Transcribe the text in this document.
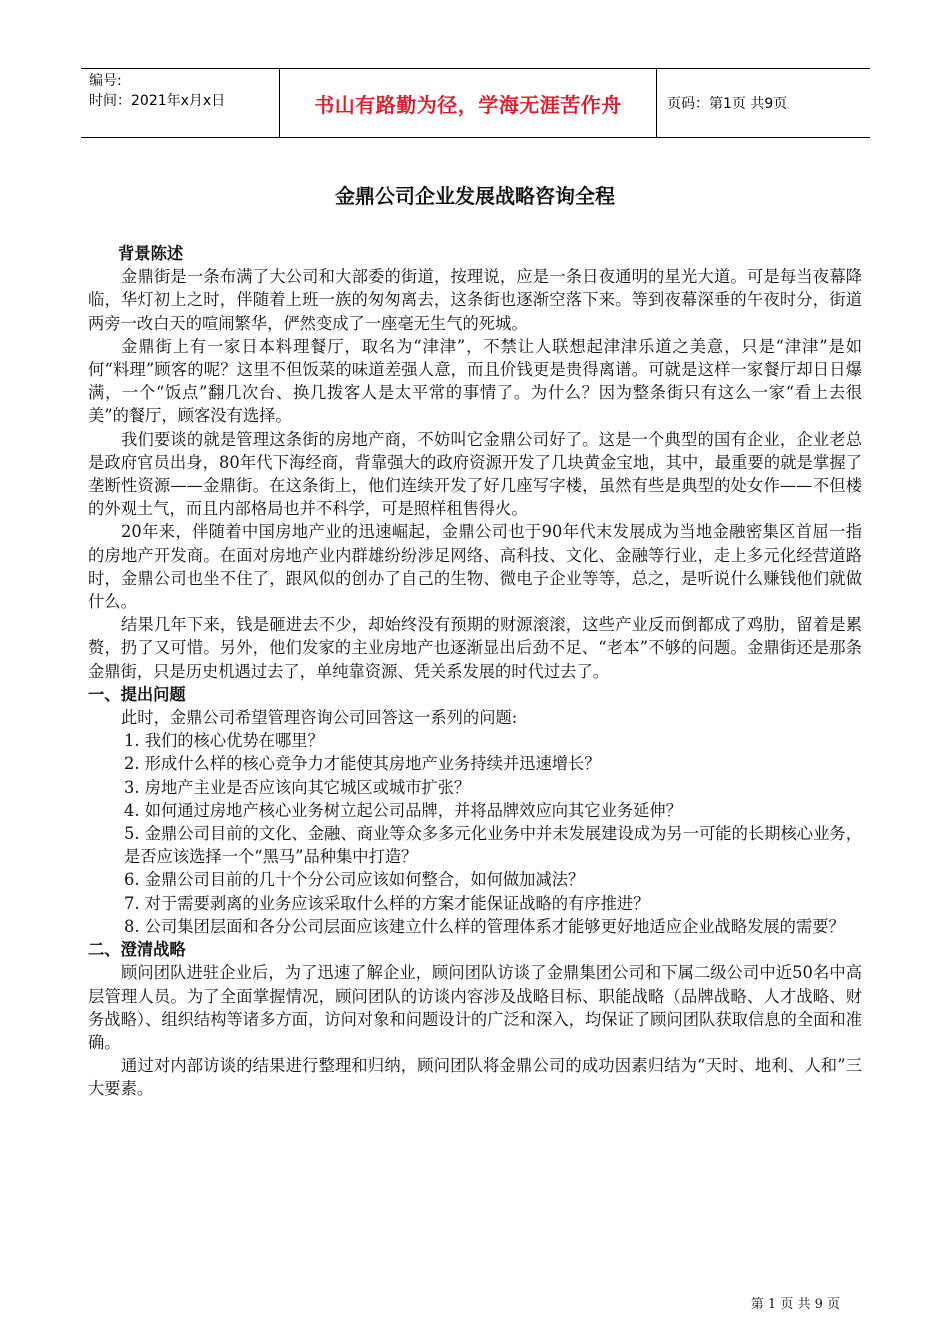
编号:
时间：2021年x月x日	书山有路勤为径，学海无涯苦作舟	页码：第1页 共9页
金鼎公司企业发展战略咨询全程

背景陈述

金鼎街是一条布满了大公司和大部委的街道，按理说，应是一条日夜通明的星光大道。可是每当夜幕降临，华灯初上之时，伴随着上班一族的匆匆离去，这条街也逐渐空落下来。等到夜幕深垂的午夜时分，街道两旁一改白天的喧闹繁华，俨然变成了一座毫无生气的死城。

金鼎街上有一家日本料理餐厅，取名为“津津”，不禁让人联想起津津乐道之美意，只是“津津”是如何“料理”顾客的呢？这里不但饭菜的味道差强人意，而且价钱更是贵得离谱。可就是这样一家餐厅却日日爆满，一个“饭点”翻几次台、换几拨客人是太平常的事情了。为什么？因为整条街只有这么一家“看上去很美”的餐厅，顾客没有选择。

我们要谈的就是管理这条街的房地产商，不妨叫它金鼎公司好了。这是一个典型的国有企业，企业老总是政府官员出身，80年代下海经商，背靠强大的政府资源开发了几块黄金宝地，其中，最重要的就是掌握了垄断性资源——金鼎街。在这条街上，他们连续开发了好几座写字楼，虽然有些是典型的处女作——不但楼的外观土气，而且内部格局也并不科学，可是照样租售得火。

20年来，伴随着中国房地产业的迅速崛起，金鼎公司也于90年代末发展成为当地金融密集区首屈一指的房地产开发商。在面对房地产业内群雄纷纷涉足网络、高科技、文化、金融等行业，走上多元化经营道路时，金鼎公司也坐不住了，跟风似的创办了自己的生物、微电子企业等等，总之，是听说什么赚钱他们就做什么。

结果几年下来，钱是砸进去不少，却始终没有预期的财源滚滚，这些产业反而倒都成了鸡肋，留着是累赘，扔了又可惜。另外，他们发家的主业房地产也逐渐显出后劲不足、“老本”不够的问题。金鼎街还是那条金鼎街，只是历史机遇过去了，单纯靠资源、凭关系发展的时代过去了。

一、提出问题

此时，金鼎公司希望管理咨询公司回答这一系列的问题:

1. 我们的核心优势在哪里？

2. 形成什么样的核心竞争力才能使其房地产业务持续并迅速增长？

3. 房地产主业是否应该向其它城区或城市扩张？

4. 如何通过房地产核心业务树立起公司品牌，并将品牌效应向其它业务延伸？

5. 金鼎公司目前的文化、金融、商业等众多多元化业务中并未发展建设成为另一可能的长期核心业务，是否应该选择一个“黑马”品种集中打造？

6. 金鼎公司目前的几十个分公司应该如何整合，如何做加减法？

7. 对于需要剥离的业务应该采取什么样的方案才能保证战略的有序推进？

8. 公司集团层面和各分公司层面应该建立什么样的管理体系才能够更好地适应企业战略发展的需要？

二、澄清战略

顾问团队进驻企业后，为了迅速了解企业，顾问团队访谈了金鼎集团公司和下属二级公司中近50名中高层管理人员。为了全面掌握情况，顾问团队的访谈内容涉及战略目标、职能战略（品牌战略、人才战略、财务战略）、组织结构等诸多方面，访问对象和问题设计的广泛和深入，均保证了顾问团队获取信息的全面和准确。

通过对内部访谈的结果进行整理和归纳，顾问团队将金鼎公司的成功因素归结为“天时、地利、人和”三大要素。

第 1 页 共 9 页
